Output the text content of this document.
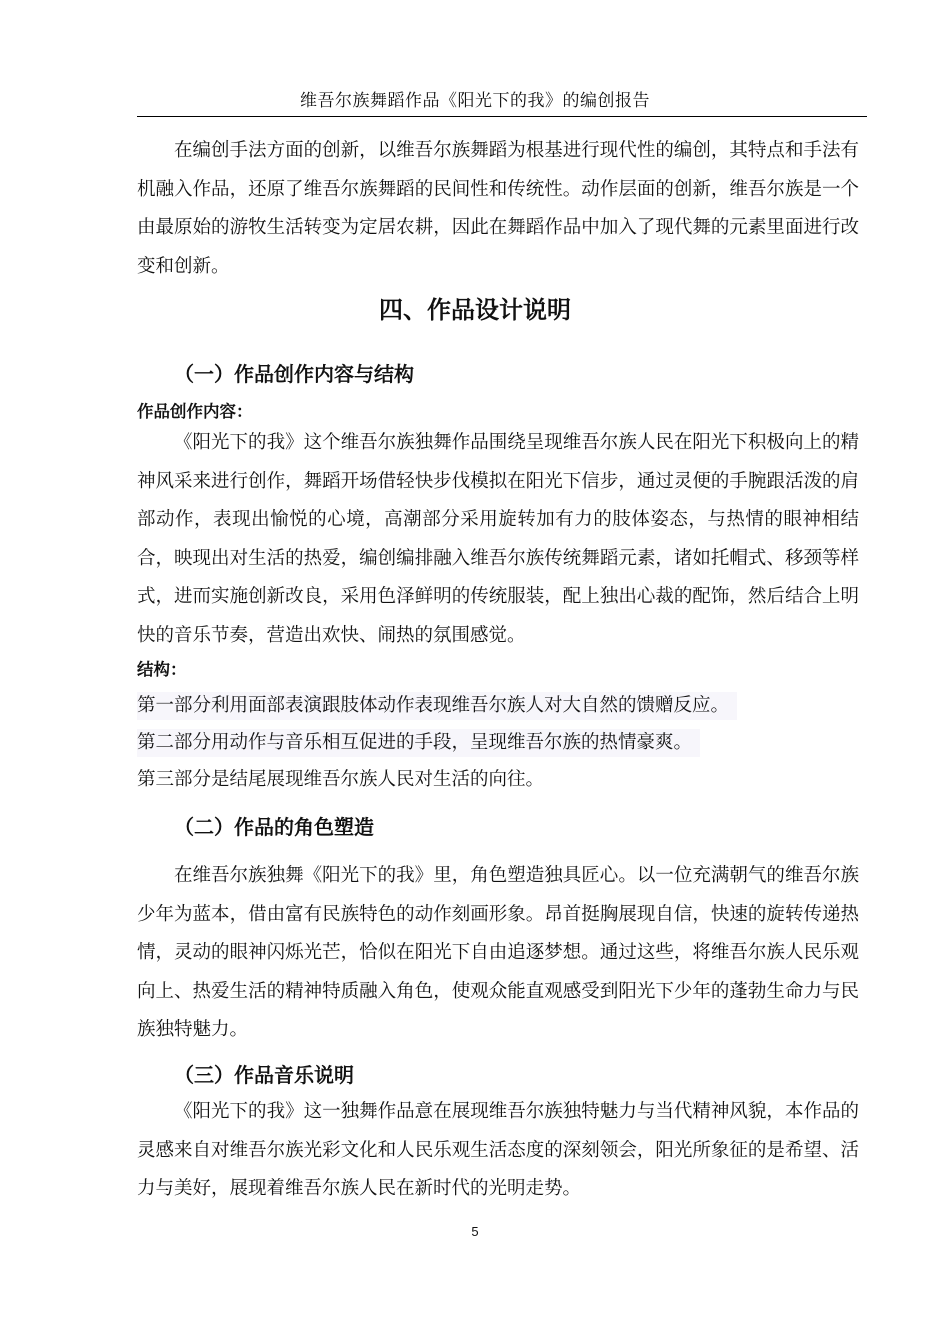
维吾尔族舞蹈作品《阳光下的我》的编创报告

在编创手法方面的创新，以维吾尔族舞蹈为根基进行现代性的编创，其特点和手法有机融入作品，还原了维吾尔族舞蹈的民间性和传统性。动作层面的创新，维吾尔族是一个由最原始的游牧生活转变为定居农耕，因此在舞蹈作品中加入了现代舞的元素里面进行改变和创新。

四、作品设计说明
（一）作品创作内容与结构
作品创作内容：

《阳光下的我》这个维吾尔族独舞作品围绕呈现维吾尔族人民在阳光下积极向上的精神风采来进行创作，舞蹈开场借轻快步伐模拟在阳光下信步，通过灵便的手腕跟活泼的肩部动作，表现出愉悦的心境，高潮部分采用旋转加有力的肢体姿态，与热情的眼神相结合，映现出对生活的热爱，编创编排融入维吾尔族传统舞蹈元素，诸如托帽式、移颈等样式，进而实施创新改良，采用色泽鲜明的传统服装，配上独出心裁的配饰，然后结合上明快的音乐节奏，营造出欢快、闹热的氛围感觉。

结构：
第一部分利用面部表演跟肢体动作表现维吾尔族人对大自然的馈赠反应。
第二部分用动作与音乐相互促进的手段，呈现维吾尔族的热情豪爽。
第三部分是结尾展现维吾尔族人民对生活的向往。
（二）作品的角色塑造

在维吾尔族独舞《阳光下的我》里，角色塑造独具匠心。以一位充满朝气的维吾尔族少年为蓝本，借由富有民族特色的动作刻画形象。昂首挺胸展现自信，快速的旋转传递热情，灵动的眼神闪烁光芒，恰似在阳光下自由追逐梦想。通过这些，将维吾尔族人民乐观向上、热爱生活的精神特质融入角色，使观众能直观感受到阳光下少年的蓬勃生命力与民族独特魅力。

（三）作品音乐说明

《阳光下的我》这一独舞作品意在展现维吾尔族独特魅力与当代精神风貌，本作品的灵感来自对维吾尔族光彩文化和人民乐观生活态度的深刻领会，阳光所象征的是希望、活力与美好，展现着维吾尔族人民在新时代的光明走势。

5
